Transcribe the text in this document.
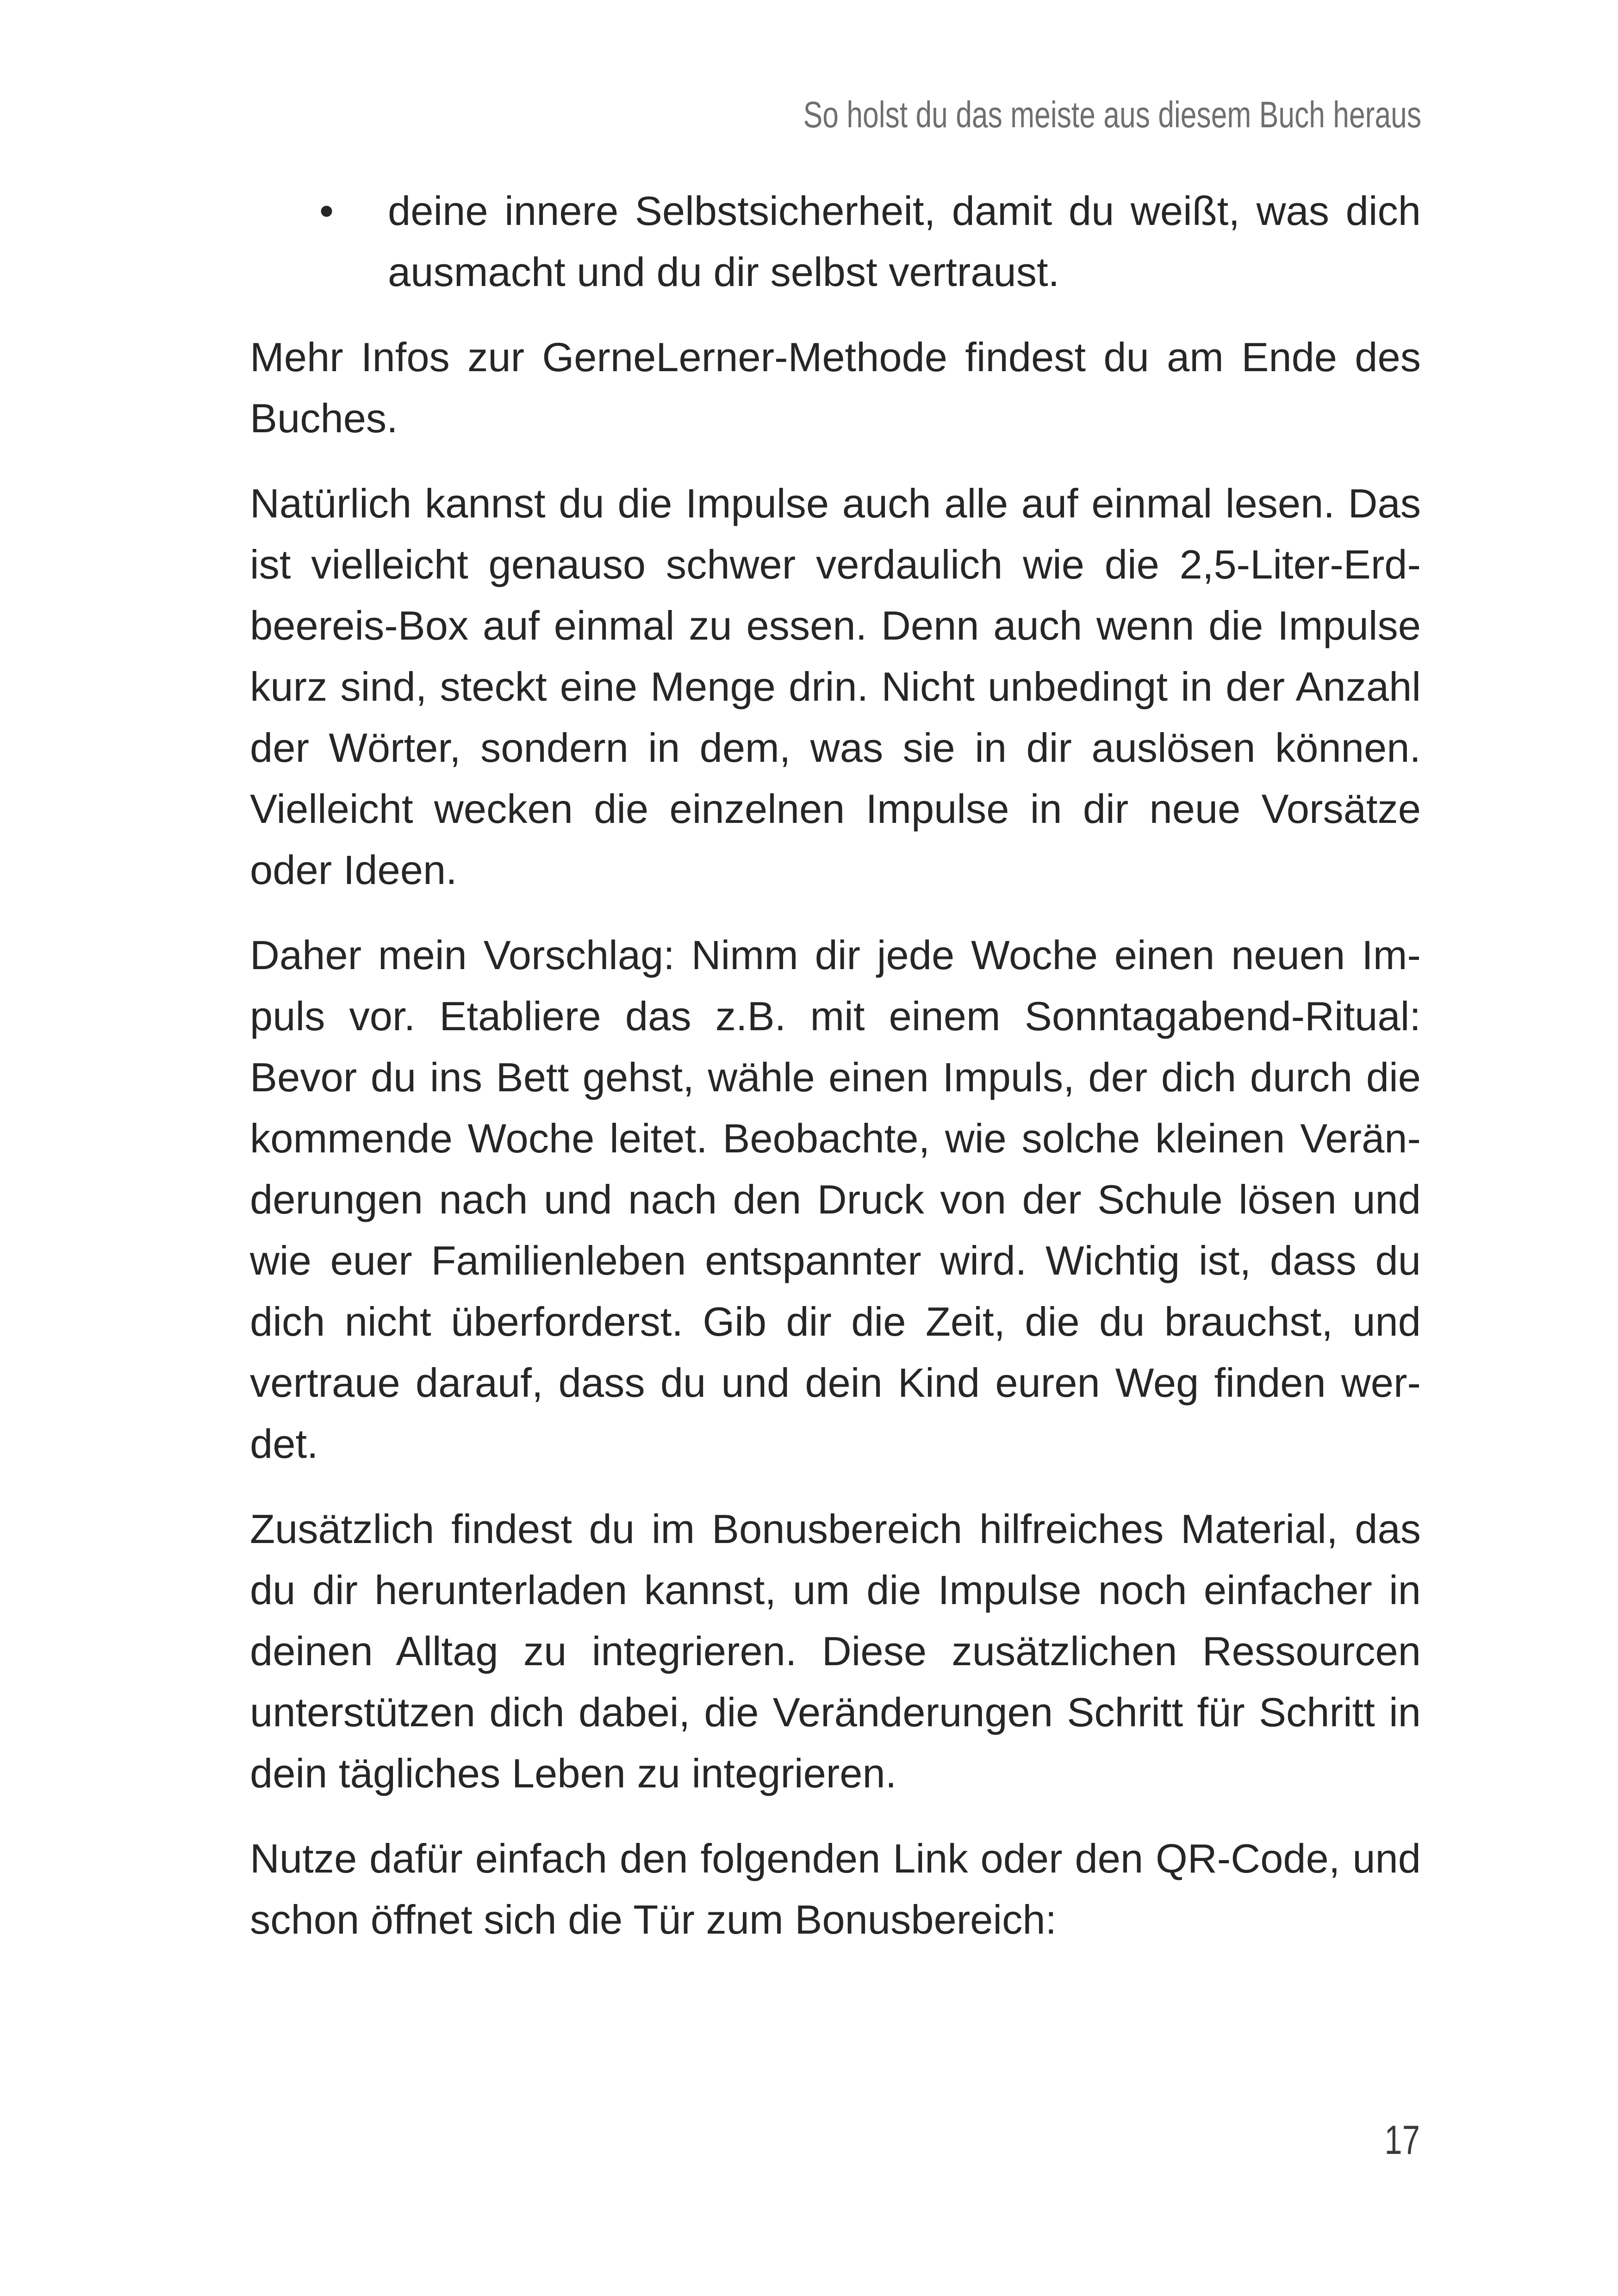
So holst du das meiste aus diesem Buch heraus
• deine innere Selbstsicherheit, damit du weißt, was dich ausmacht und du dir selbst vertraust.

Mehr Infos zur GerneLerner-Methode findest du am Ende des Buches.

Natürlich kannst du die Impulse auch alle auf einmal lesen. Das ist vielleicht genauso schwer verdaulich wie die 2,5-Liter-Erdbeereis-Box auf einmal zu essen. Denn auch wenn die Impulse kurz sind, steckt eine Menge drin. Nicht unbedingt in der Anzahl der Wörter, sondern in dem, was sie in dir auslösen können. Vielleicht wecken die einzelnen Impulse in dir neue Vorsätze oder Ideen.

Daher mein Vorschlag: Nimm dir jede Woche einen neuen Impuls vor. Etabliere das z.B. mit einem Sonntagabend-Ritual: Bevor du ins Bett gehst, wähle einen Impuls, der dich durch die kommende Woche leitet. Beobachte, wie solche kleinen Veränderungen nach und nach den Druck von der Schule lösen und wie euer Familienleben entspannter wird. Wichtig ist, dass du dich nicht überforderst. Gib dir die Zeit, die du brauchst, und vertraue darauf, dass du und dein Kind euren Weg finden werdet.

Zusätzlich findest du im Bonusbereich hilfreiches Material, das du dir herunterladen kannst, um die Impulse noch einfacher in deinen Alltag zu integrieren. Diese zusätzlichen Ressourcen unterstützen dich dabei, die Veränderungen Schritt für Schritt in dein tägliches Leben zu integrieren.

Nutze dafür einfach den folgenden Link oder den QR-Code, und schon öffnet sich die Tür zum Bonusbereich:

17
